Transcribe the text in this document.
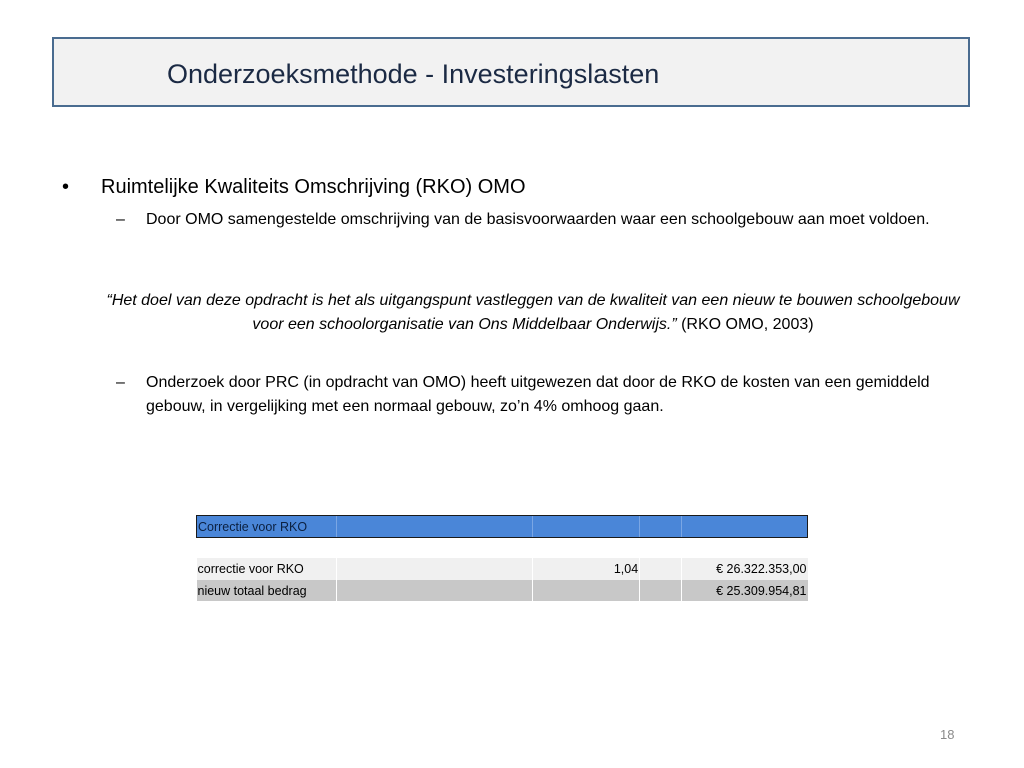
Onderzoeksmethode - Investeringslasten
• Ruimtelijke Kwaliteits Omschrijving (RKO) OMO
– Door OMO samengestelde omschrijving van de basisvoorwaarden waar een schoolgebouw aan moet voldoen.
“Het doel van deze opdracht is het als uitgangspunt vastleggen van de kwaliteit van een nieuw te bouwen schoolgebouw voor een schoolorganisatie van Ons Middelbaar Onderwijs.” (RKO OMO, 2003)
– Onderzoek door PRC (in opdracht van OMO) heeft uitgewezen dat door de RKO de kosten van een gemiddeld gebouw, in vergelijking met een normaal gebouw, zo’n 4% omhoog gaan.
Correctie voor RKO				

correctie voor RKO		1,04		€ 26.322.353,00
nieuw totaal bedrag				€ 25.309.954,81
18
